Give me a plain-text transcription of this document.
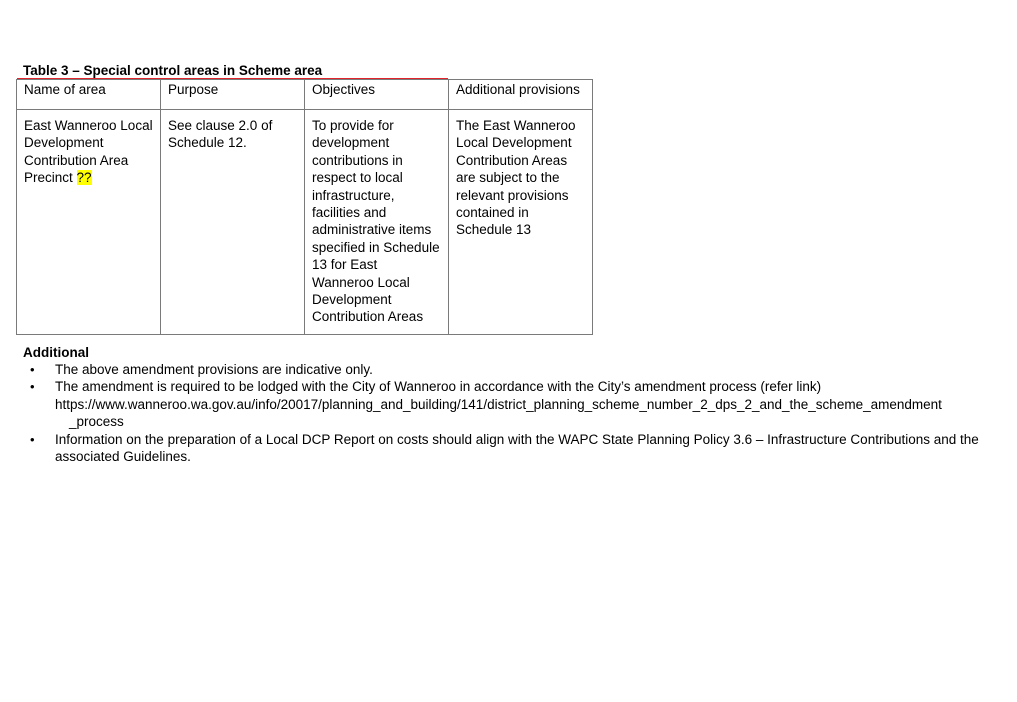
Table 3 – Special control areas in Scheme area
Name of area	Purpose	Objectives	Additional provisions
East Wanneroo Local Development Contribution Area Precinct ??	See clause 2.0 of Schedule 12.	To provide for development contributions in respect to local infrastructure, facilities and administrative items specified in Schedule 13 for East Wanneroo Local Development Contribution Areas	The East Wanneroo Local Development Contribution Areas are subject to the relevant provisions contained in Schedule 13
Additional
• The above amendment provisions are indicative only.
• The amendment is required to be lodged with the City of Wanneroo in accordance with the City’s amendment process (refer link)
https://www.wanneroo.wa.gov.au/info/20017/planning_and_building/141/district_planning_scheme_number_2_dps_2_and_the_scheme_amendment
_process
• Information on the preparation of a Local DCP Report on costs should align with the WAPC State Planning Policy 3.6 – Infrastructure Contributions and the associated Guidelines.
